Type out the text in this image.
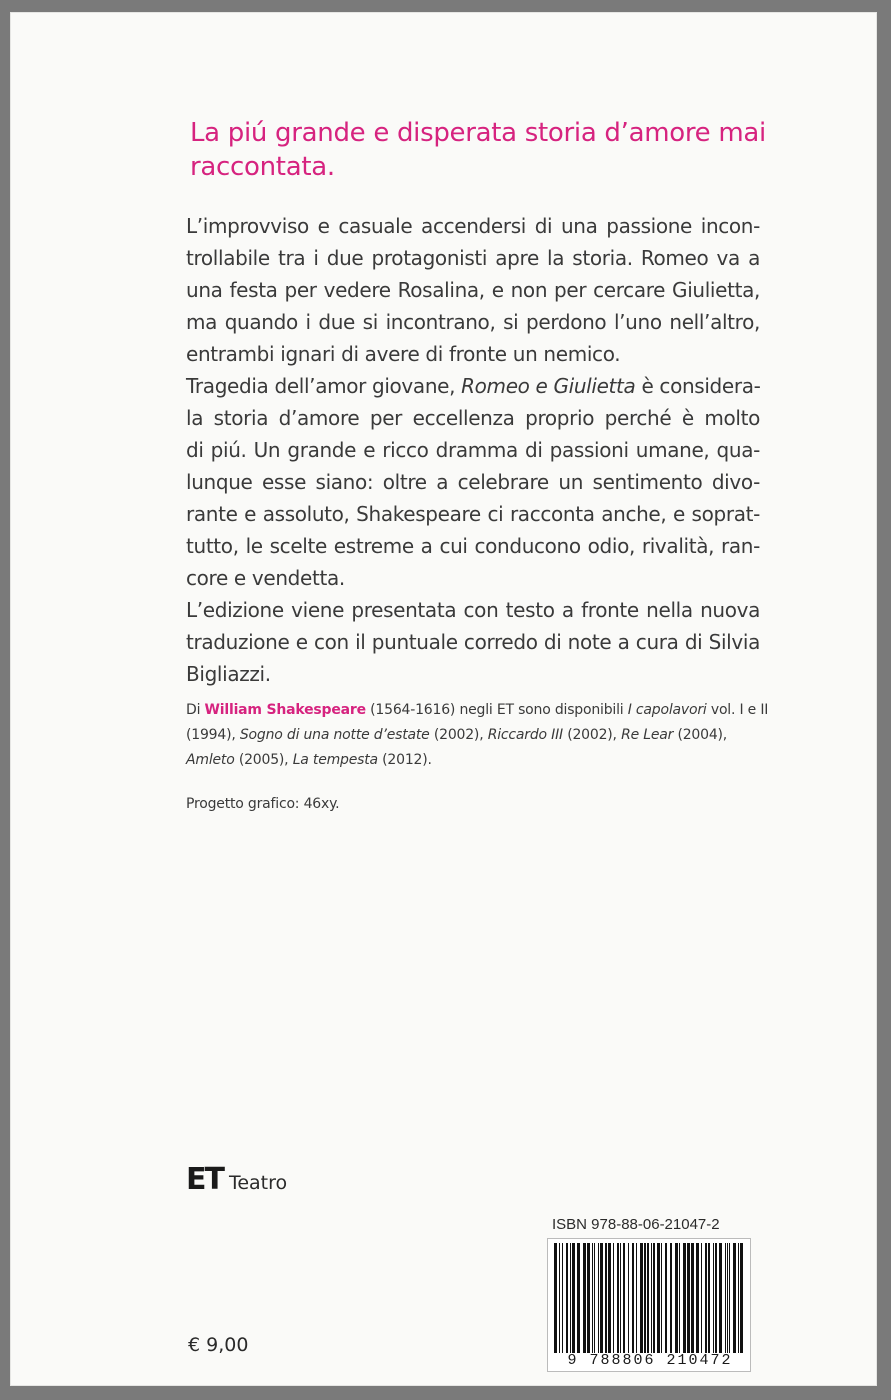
La piú grande e disperata storia d’amore mai
raccontata.
L’improvviso e casuale accendersi di una passione incon-
trollabile tra i due protagonisti apre la storia. Romeo va a
una festa per vedere Rosalina, e non per cercare Giulietta,
ma quando i due si incontrano, si perdono l’uno nell’altro,
entrambi ignari di avere di fronte un nemico.
Tragedia dell’amor giovane, Romeo e Giulietta è considera-
la storia d’amore per eccellenza proprio perché è molto
di piú. Un grande e ricco dramma di passioni umane, qua-
lunque esse siano: oltre a celebrare un sentimento divo-
rante e assoluto, Shakespeare ci racconta anche, e soprat-
tutto, le scelte estreme a cui conducono odio, rivalità, ran-
core e vendetta.
L’edizione viene presentata con testo a fronte nella nuova
traduzione e con il puntuale corredo di note a cura di Silvia
Bigliazzi.
Di William Shakespeare (1564-1616) negli ET sono disponibili I capolavori vol. I e II
(1994), Sogno di una notte d’estate (2002), Riccardo III (2002), Re Lear (2004),
Amleto (2005), La tempesta (2012).
Progetto grafico: 46xy.
ET Teatro
€ 9,00
ISBN 978-88-06-21047-2
9 788806 210472
